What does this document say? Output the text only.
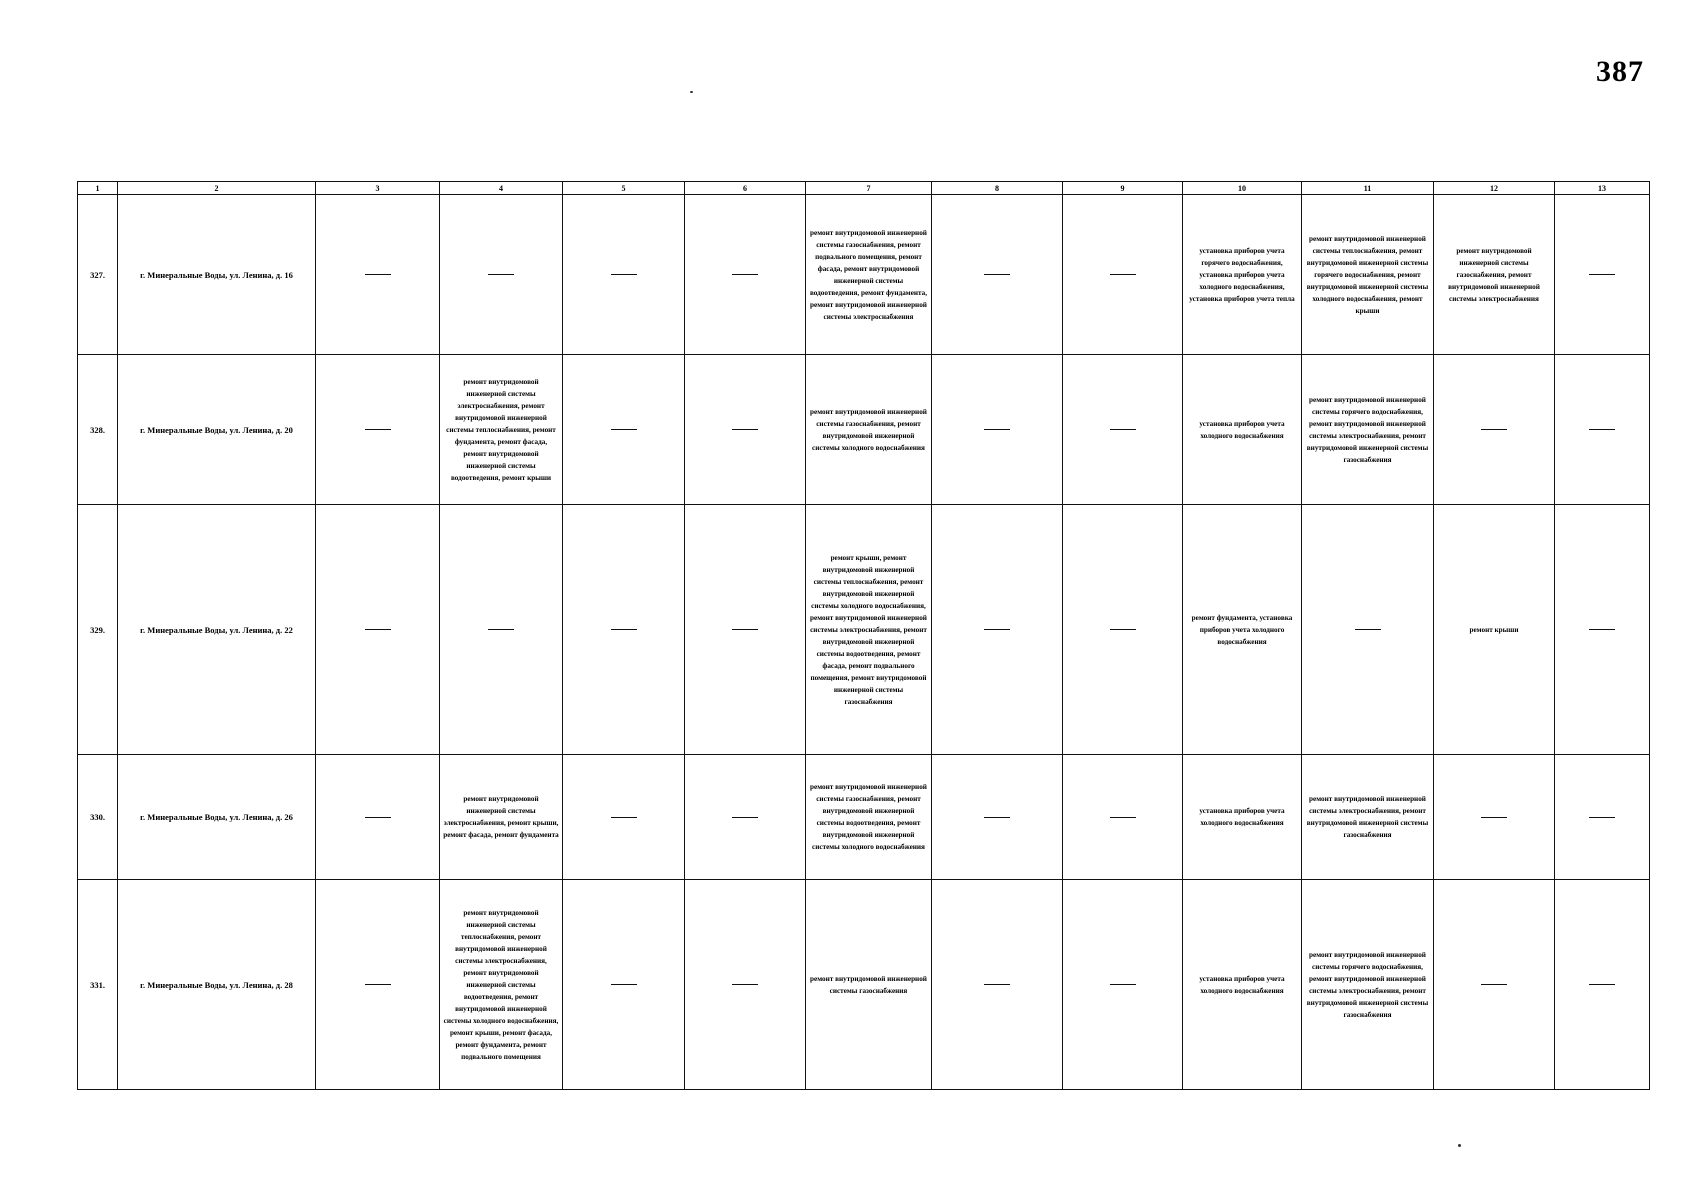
387
1	2	3	4	5	6	7	8	9	10	11	12	13
327.	г. Минеральные Воды, ул. Ленина, д. 16					ремонт внутридомовой инженерной системы газоснабжения, ремонт подвального помещения, ремонт фасада, ремонт внутридомовой инженерной системы водоотведения, ремонт фундамента, ремонт внутридомовой инженерной системы электроснабжения			установка приборов учета горячего водоснабжения, установка приборов учета холодного водоснабжения, установка приборов учета тепла	ремонт внутридомовой инженерной системы теплоснабжения, ремонт внутридомовой инженерной системы горячего водоснабжения, ремонт внутридомовой инженерной системы холодного водоснабжения, ремонт крыши	ремонт внутридомовой инженерной системы газоснабжения, ремонт внутридомовой инженерной системы электроснабжения	
328.	г. Минеральные Воды, ул. Ленина, д. 20		ремонт внутридомовой инженерной системы электроснабжения, ремонт внутридомовой инженерной системы теплоснабжения, ремонт фундамента, ремонт фасада, ремонт внутридомовой инженерной системы водоотведения, ремонт крыши			ремонт внутридомовой инженерной системы газоснабжения, ремонт внутридомовой инженерной системы холодного водоснабжения			установка приборов учета холодного водоснабжения	ремонт внутридомовой инженерной системы горячего водоснабжения, ремонт внутридомовой инженерной системы электроснабжения, ремонт внутридомовой инженерной системы газоснабжения		
329.	г. Минеральные Воды, ул. Ленина, д. 22					ремонт крыши, ремонт внутридомовой инженерной системы теплоснабжения, ремонт внутридомовой инженерной системы холодного водоснабжения, ремонт внутридомовой инженерной системы электроснабжения, ремонт внутридомовой инженерной системы водоотведения, ремонт фасада, ремонт подвального помещения, ремонт внутридомовой инженерной системы газоснабжения			ремонт фундамента, установка приборов учета холодного водоснабжения		ремонт крыши	
330.	г. Минеральные Воды, ул. Ленина, д. 26		ремонт внутридомовой инженерной системы электроснабжения, ремонт крыши, ремонт фасада, ремонт фундамента			ремонт внутридомовой инженерной системы газоснабжения, ремонт внутридомовой инженерной системы водоотведения, ремонт внутридомовой инженерной системы холодного водоснабжения			установка приборов учета холодного водоснабжения	ремонт внутридомовой инженерной системы электроснабжения, ремонт внутридомовой инженерной системы газоснабжения		
331.	г. Минеральные Воды, ул. Ленина, д. 28		ремонт внутридомовой инженерной системы теплоснабжения, ремонт внутридомовой инженерной системы электроснабжения, ремонт внутридомовой инженерной системы водоотведения, ремонт внутридомовой инженерной системы холодного водоснабжения, ремонт крыши, ремонт фасада, ремонт фундамента, ремонт подвального помещения			ремонт внутридомовой инженерной системы газоснабжения			установка приборов учета холодного водоснабжения	ремонт внутридомовой инженерной системы горячего водоснабжения, ремонт внутридомовой инженерной системы электроснабжения, ремонт внутридомовой инженерной системы газоснабжения		
